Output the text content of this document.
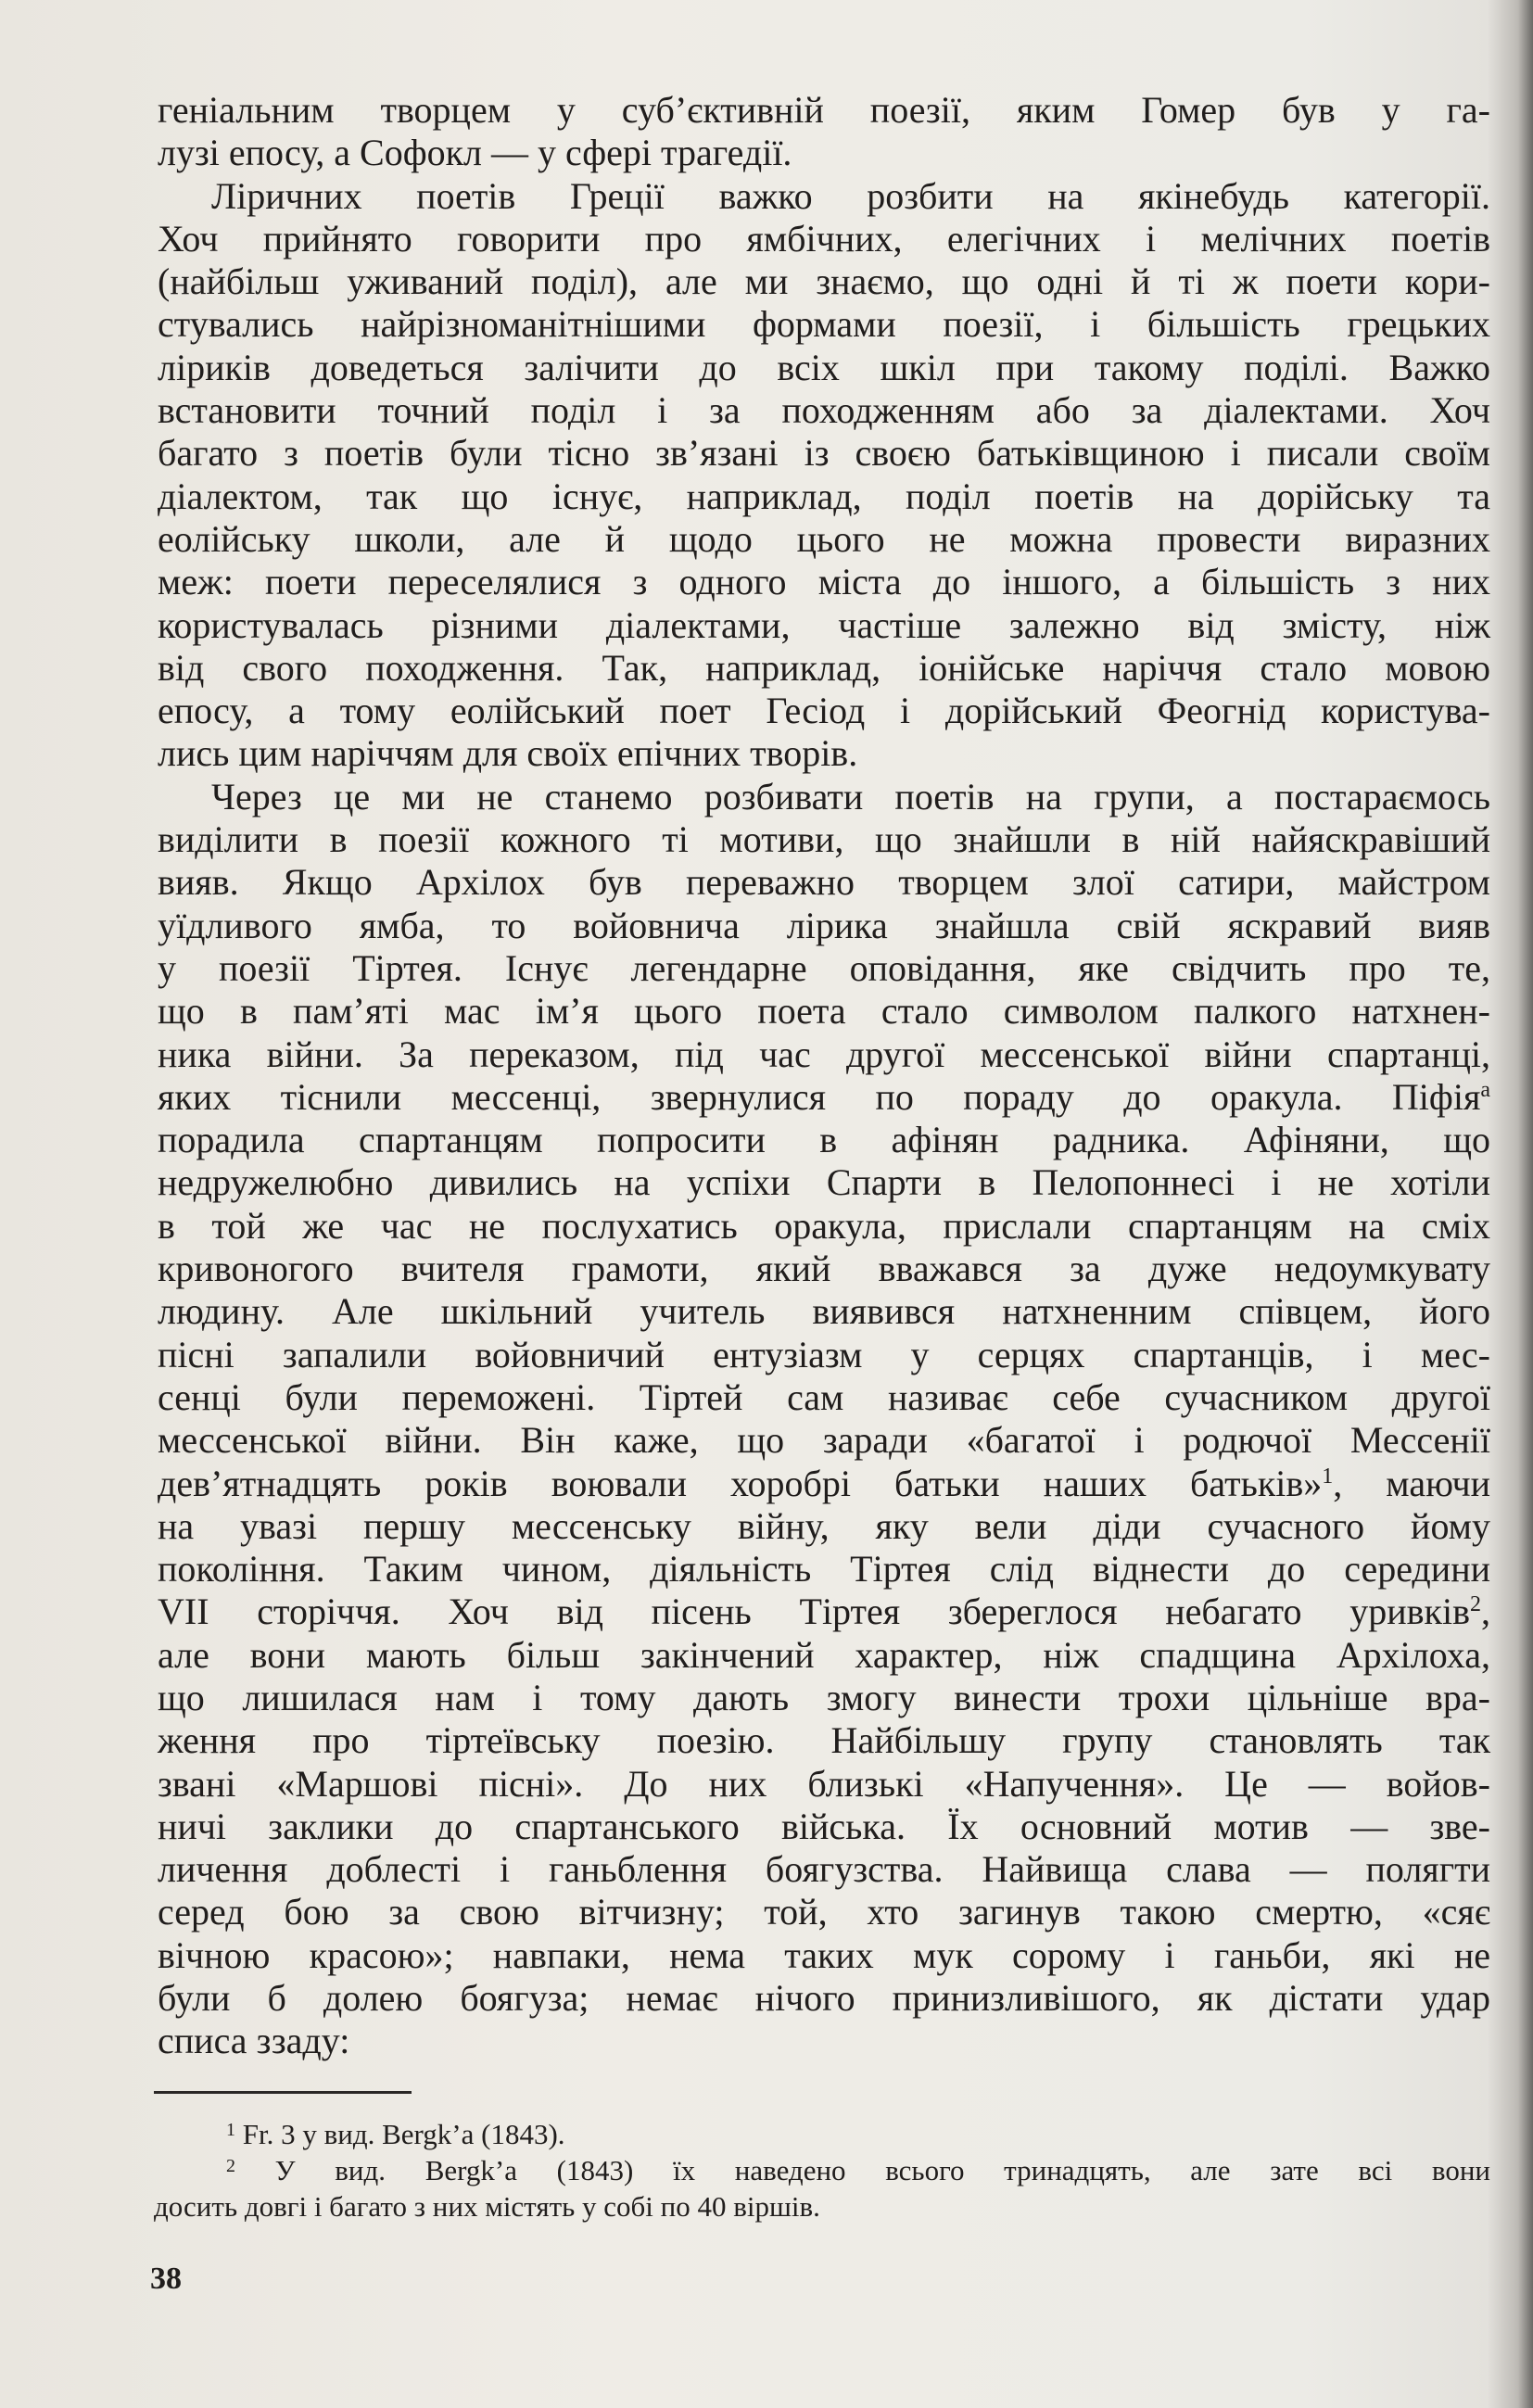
геніальним творцем у суб’єктивній поезії, яким Гомер був у га-
лузі епосу, а Софокл — у сфері трагедії.
Ліричних поетів Греції важко розбити на якінебудь категорії.
Хоч прийнято говорити про ямбічних, елегічних і мелічних поетів
(найбільш уживаний поділ), але ми знаємо, що одні й ті ж поети кори-
стувались найрізноманітнішими формами поезії, і більшість грецьких
ліриків доведеться залічити до всіх шкіл при такому поділі. Важко
встановити точний поділ і за походженням або за діалектами. Хоч
багато з поетів були тісно зв’язані із своєю батьківщиною і писали своїм
діалектом, так що існує, наприклад, поділ поетів на дорійську та
еолійську школи, але й щодо цього не можна провести виразних
меж: поети переселялися з одного міста до іншого, а більшість з них
користувалась різними діалектами, частіше залежно від змісту, ніж
від свого походження. Так, наприклад, іонійське наріччя стало мовою
епосу, а тому еолійський поет Гесіод і дорійський Феогнід користува-
лись цим наріччям для своїх епічних творів.
Через це ми не станемо розбивати поетів на групи, а постараємось
виділити в поезії кожного ті мотиви, що знайшли в ній найяскравіший
вияв. Якщо Архілох був переважно творцем злої сатири, майстром
уїдливого ямба, то войовнича лірика знайшла свій яскравий вияв
у поезії Тіртея. Існує легендарне оповідання, яке свідчить про те,
що в пам’яті мас ім’я цього поета стало символом палкого натхнен-
ника війни. За переказом, під час другої мессенської війни спартанці,
яких тіснили мессенці, звернулися по пораду до оракула. Піфія$^a$
порадила спартанцям попросити в афінян радника. Афіняни, що
недружелюбно дивились на успіхи Спарти в Пелопоннесі і не хотіли
в той же час не послухатись оракула, прислали спартанцям на сміх
кривоногого вчителя грамоти, який вважався за дуже недоумкувату
людину. Але шкільний учитель виявився натхненним співцем, його
пісні запалили войовничий ентузіазм у серцях спартанців, і мес-
сенці були переможені. Тіртей сам називає себе сучасником другої
мессенської війни. Він каже, що заради «багатої і родючої Мессенії
дев’ятнадцять років воювали хоробрі батьки наших батьків»$^1$, маючи
на увазі першу мессенську війну, яку вели діди сучасного йому
покоління. Таким чином, діяльність Тіртея слід віднести до середини
VII сторіччя. Хоч від пісень Тіртея збереглося небагато уривків$^2$,
але вони мають більш закінчений характер, ніж спадщина Архілоха,
що лишилася нам і тому дають змогу винести трохи цільніше вра-
ження про тіртеївську поезію. Найбільшу групу становлять так
звані «Маршові пісні». До них близькі «Напучення». Це — войов-
ничі заклики до спартанського війська. Їх основний мотив — зве-
личення доблесті і ганьблення боягузства. Найвища слава — полягти
серед бою за свою вітчизну; той, хто загинув такою смертю, «сяє
вічною красою»; навпаки, нема таких мук сорому і ганьби, які не
були б долею боягуза; немає нічого принизливішого, як дістати удар
списа ззаду:
$^1$ Fr. 3 у вид. Bergk’a (1843).
$^2$ У вид. Bergk’a (1843) їх наведено всього тринадцять, але зате всі вони
досить довгі і багато з них містять у собі по 40 віршів.
38
